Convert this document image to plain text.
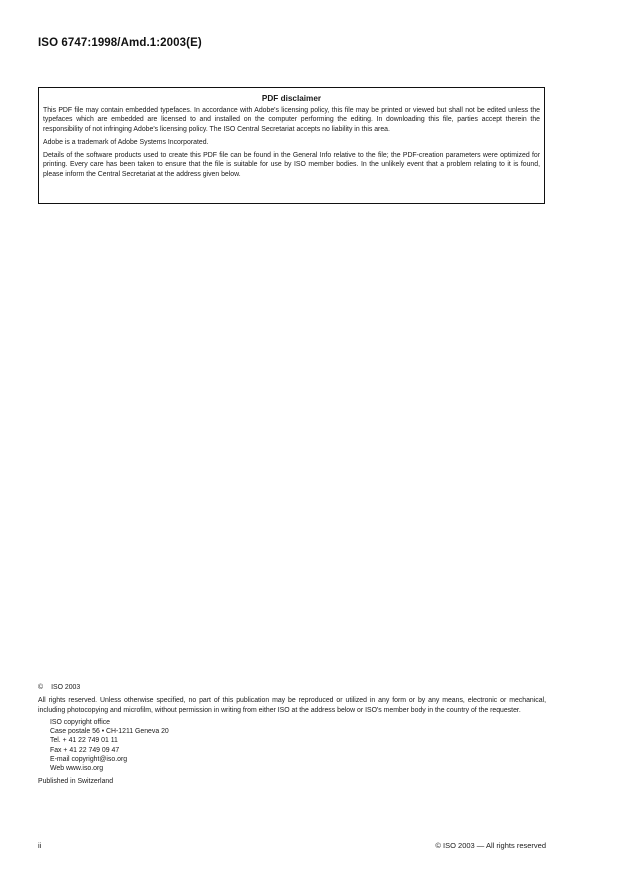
ISO 6747:1998/Amd.1:2003(E)
PDF disclaimer

This PDF file may contain embedded typefaces. In accordance with Adobe's licensing policy, this file may be printed or viewed but shall not be edited unless the typefaces which are embedded are licensed to and installed on the computer performing the editing. In downloading this file, parties accept therein the responsibility of not infringing Adobe's licensing policy. The ISO Central Secretariat accepts no liability in this area.

Adobe is a trademark of Adobe Systems Incorporated.

Details of the software products used to create this PDF file can be found in the General Info relative to the file; the PDF-creation parameters were optimized for printing. Every care has been taken to ensure that the file is suitable for use by ISO member bodies. In the unlikely event that a problem relating to it is found, please inform the Central Secretariat at the address given below.

© ISO 2003
All rights reserved. Unless otherwise specified, no part of this publication may be reproduced or utilized in any form or by any means, electronic or mechanical, including photocopying and microfilm, without permission in writing from either ISO at the address below or ISO's member body in the country of the requester.
ISO copyright office
Case postale 56 • CH-1211 Geneva 20
Tel. + 41 22 749 01 11
Fax + 41 22 749 09 47
E-mail copyright@iso.org
Web www.iso.org
Published in Switzerland
ii	© ISO 2003 — All rights reserved
